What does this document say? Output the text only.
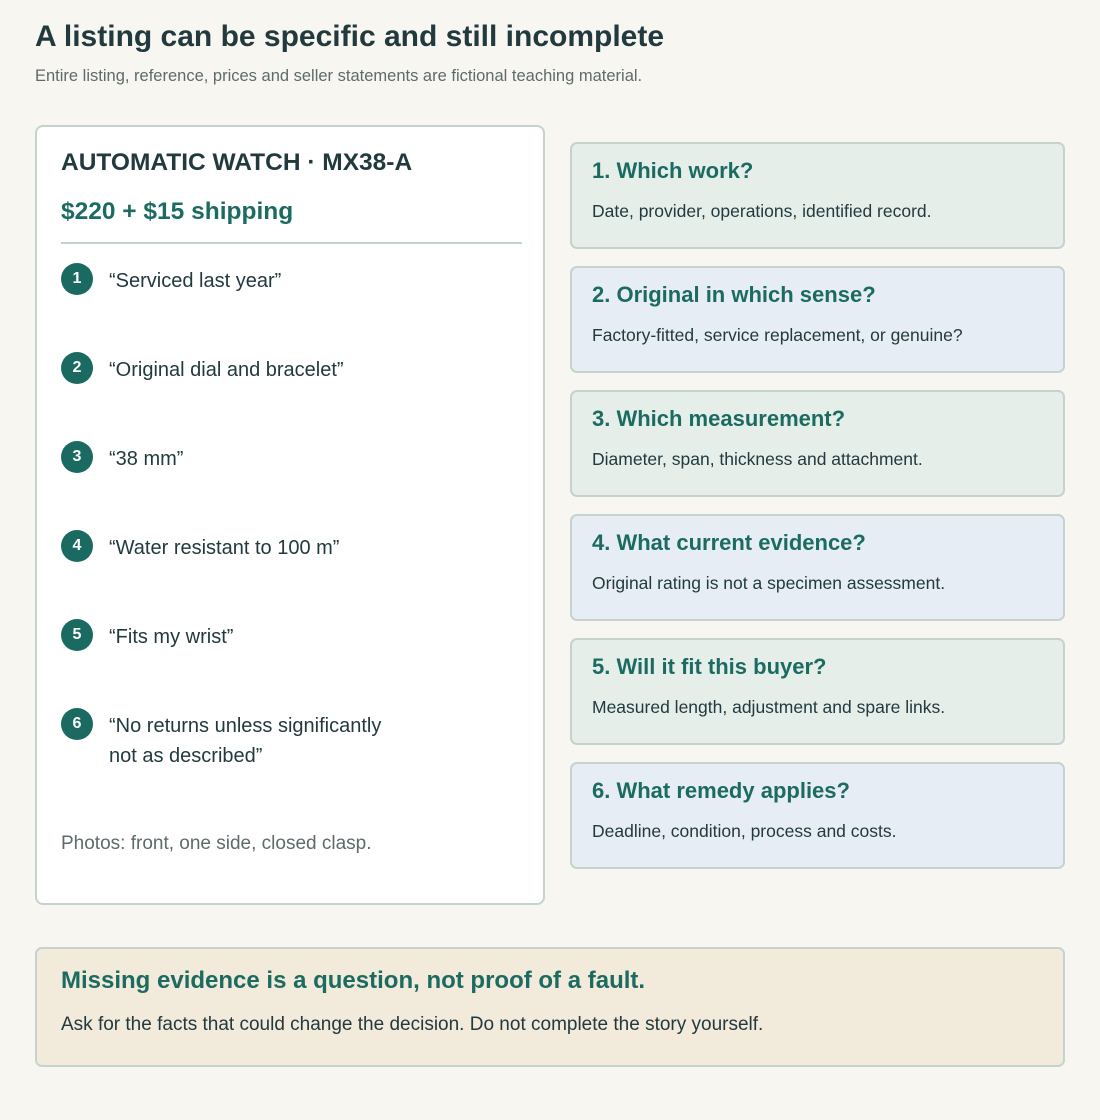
A listing can be specific and still incomplete

Entire listing, reference, prices and seller statements are fictional teaching material.

AUTOMATIC WATCH · MX38-A
$220 + $15 shipping
1	“Serviced last year”
2	“Original dial and bracelet”
3	“38 mm”
4	“Water resistant to 100 m”
5	“Fits my wrist”
6	“No returns unless significantly not as described”
Photos: front, one side, closed clasp.
1. Which work?
Date, provider, operations, identified record.
2. Original in which sense?
Factory-fitted, service replacement, or genuine?
3. Which measurement?
Diameter, span, thickness and attachment.
4. What current evidence?
Original rating is not a specimen assessment.
5. Will it fit this buyer?
Measured length, adjustment and spare links.
6. What remedy applies?
Deadline, condition, process and costs.
Missing evidence is a question, not proof of a fault.
Ask for the facts that could change the decision. Do not complete the story yourself.
